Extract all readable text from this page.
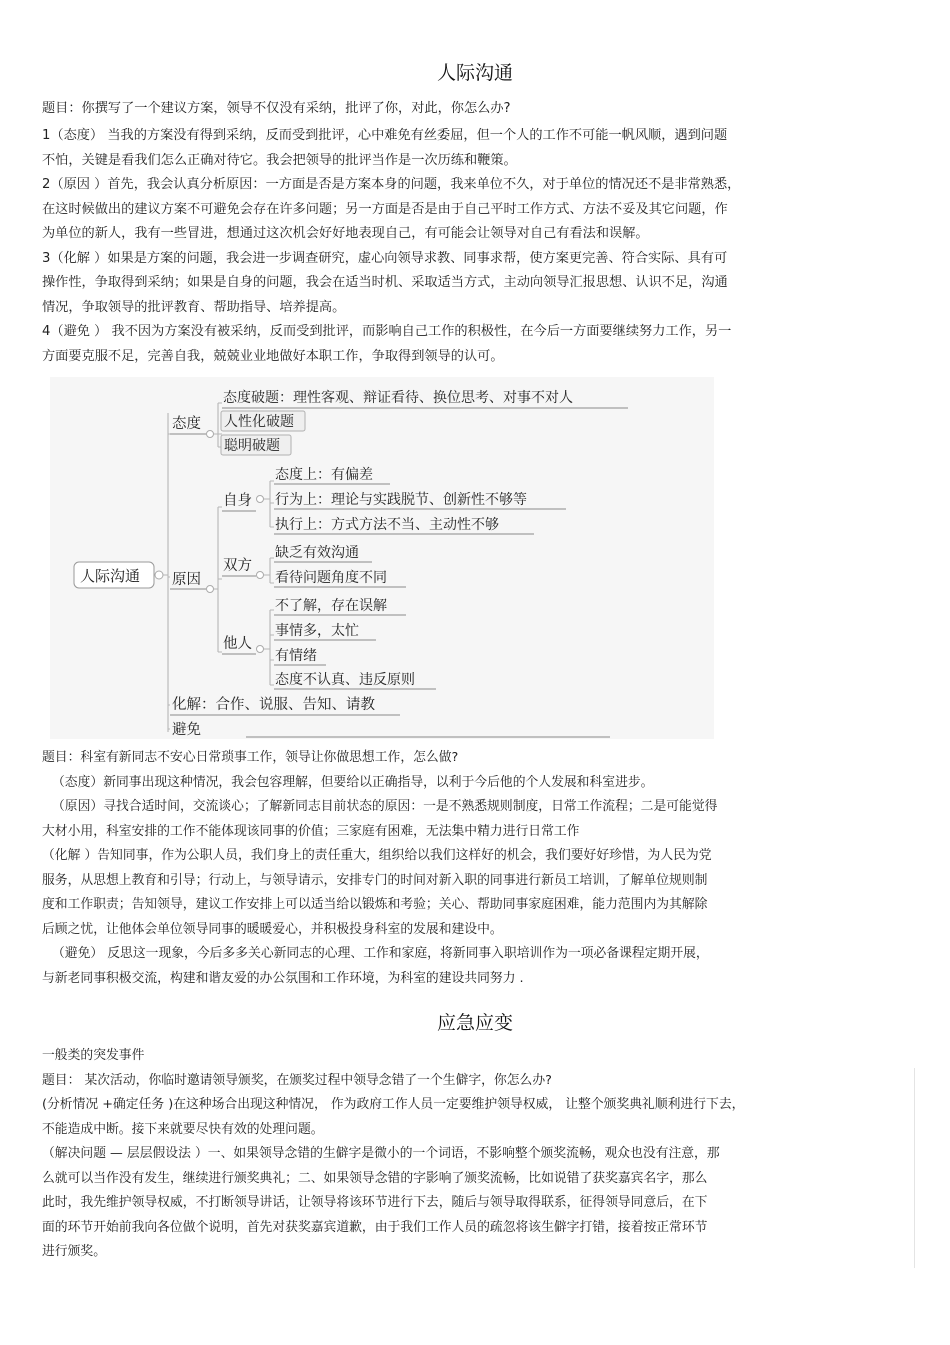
人际沟通

题目：你撰写了一个建议方案，领导不仅没有采纳，批评了你，对此，你怎么办?

1（态度） 当我的方案没有得到采纳，反而受到批评，心中难免有丝委屈，但一个人的工作不可能一帆风顺，遇到问题

不怕，关键是看我们怎么正确对待它。我会把领导的批评当作是一次历练和鞭策。

2（原因 ）首先，我会认真分析原因：一方面是否是方案本身的问题，我来单位不久，对于单位的情况还不是非常熟悉，

在这时候做出的建议方案不可避免会存在许多问题；另一方面是否是由于自己平时工作方式、方法不妥及其它问题，作

为单位的新人，我有一些冒进，想通过这次机会好好地表现自己，有可能会让领导对自己有看法和误解。

3（化解 ）如果是方案的问题，我会进一步调查研究，虚心向领导求教、同事求帮，使方案更完善、符合实际、具有可

操作性，争取得到采纳；如果是自身的问题，我会在适当时机、采取适当方式，主动向领导汇报思想、认识不足，沟通

情况，争取领导的批评教育、帮助指导、培养提高。

4（避免 ） 我不因为方案没有被采纳，反而受到批评，而影响自己工作的积极性，在今后一方面要继续努力工作，另一

方面要克服不足，完善自我，兢兢业业地做好本职工作，争取得到领导的认可。

人际沟通
态度
态度破题：理性客观、辩证看待、换位思考、对事不对人
人性化破题
聪明破题
原因
自身
态度上：有偏差
行为上：理论与实践脱节、创新性不够等
执行上：方式方法不当、主动性不够
双方
缺乏有效沟通
看待问题角度不同
他人
不了解，存在误解
事情多，太忙
有情绪
态度不认真、违反原则
化解：合作、说服、告知、请教
避免

题目：科室有新同志不安心日常琐事工作，领导让你做思想工作，怎么做?

（态度）新同事出现这种情况，我会包容理解，但要给以正确指导，以利于今后他的个人发展和科室进步。

（原因）寻找合适时间，交流谈心；了解新同志目前状态的原因：一是不熟悉规则制度，日常工作流程；二是可能觉得

大材小用，科室安排的工作不能体现该同事的价值；三家庭有困难，无法集中精力进行日常工作

（化解 ）告知同事，作为公职人员，我们身上的责任重大，组织给以我们这样好的机会，我们要好好珍惜，为人民为党

服务，从思想上教育和引导；行动上，与领导请示，安排专门的时间对新入职的同事进行新员工培训，了解单位规则制

度和工作职责；告知领导，建议工作安排上可以适当给以锻炼和考验；关心、帮助同事家庭困难，能力范围内为其解除

后顾之忧，让他体会单位领导同事的暖暖爱心，并积极投身科室的发展和建设中。

（避免） 反思这一现象，今后多多关心新同志的心理、工作和家庭，将新同事入职培训作为一项必备课程定期开展，

与新老同事积极交流，构建和谐友爱的办公氛围和工作环境，为科室的建设共同努力 .

应急应变

一般类的突发事件

题目： 某次活动，你临时邀请领导颁奖，在颁奖过程中领导念错了一个生僻字，你怎么办?

(分析情况 +确定任务 )在这种场合出现这种情况， 作为政府工作人员一定要维护领导权威， 让整个颁奖典礼顺利进行下去，

不能造成中断。接下来就要尽快有效的处理问题。

（解决问题 — 层层假设法 ）一、如果领导念错的生僻字是微小的一个词语，不影响整个颁奖流畅，观众也没有注意，那

么就可以当作没有发生，继续进行颁奖典礼；二、如果领导念错的字影响了颁奖流畅，比如说错了获奖嘉宾名字，那么

此时，我先维护领导权威，不打断领导讲话，让领导将该环节进行下去，随后与领导取得联系，征得领导同意后，在下

面的环节开始前我向各位做个说明，首先对获奖嘉宾道歉，由于我们工作人员的疏忽将该生僻字打错，接着按正常环节

进行颁奖。
